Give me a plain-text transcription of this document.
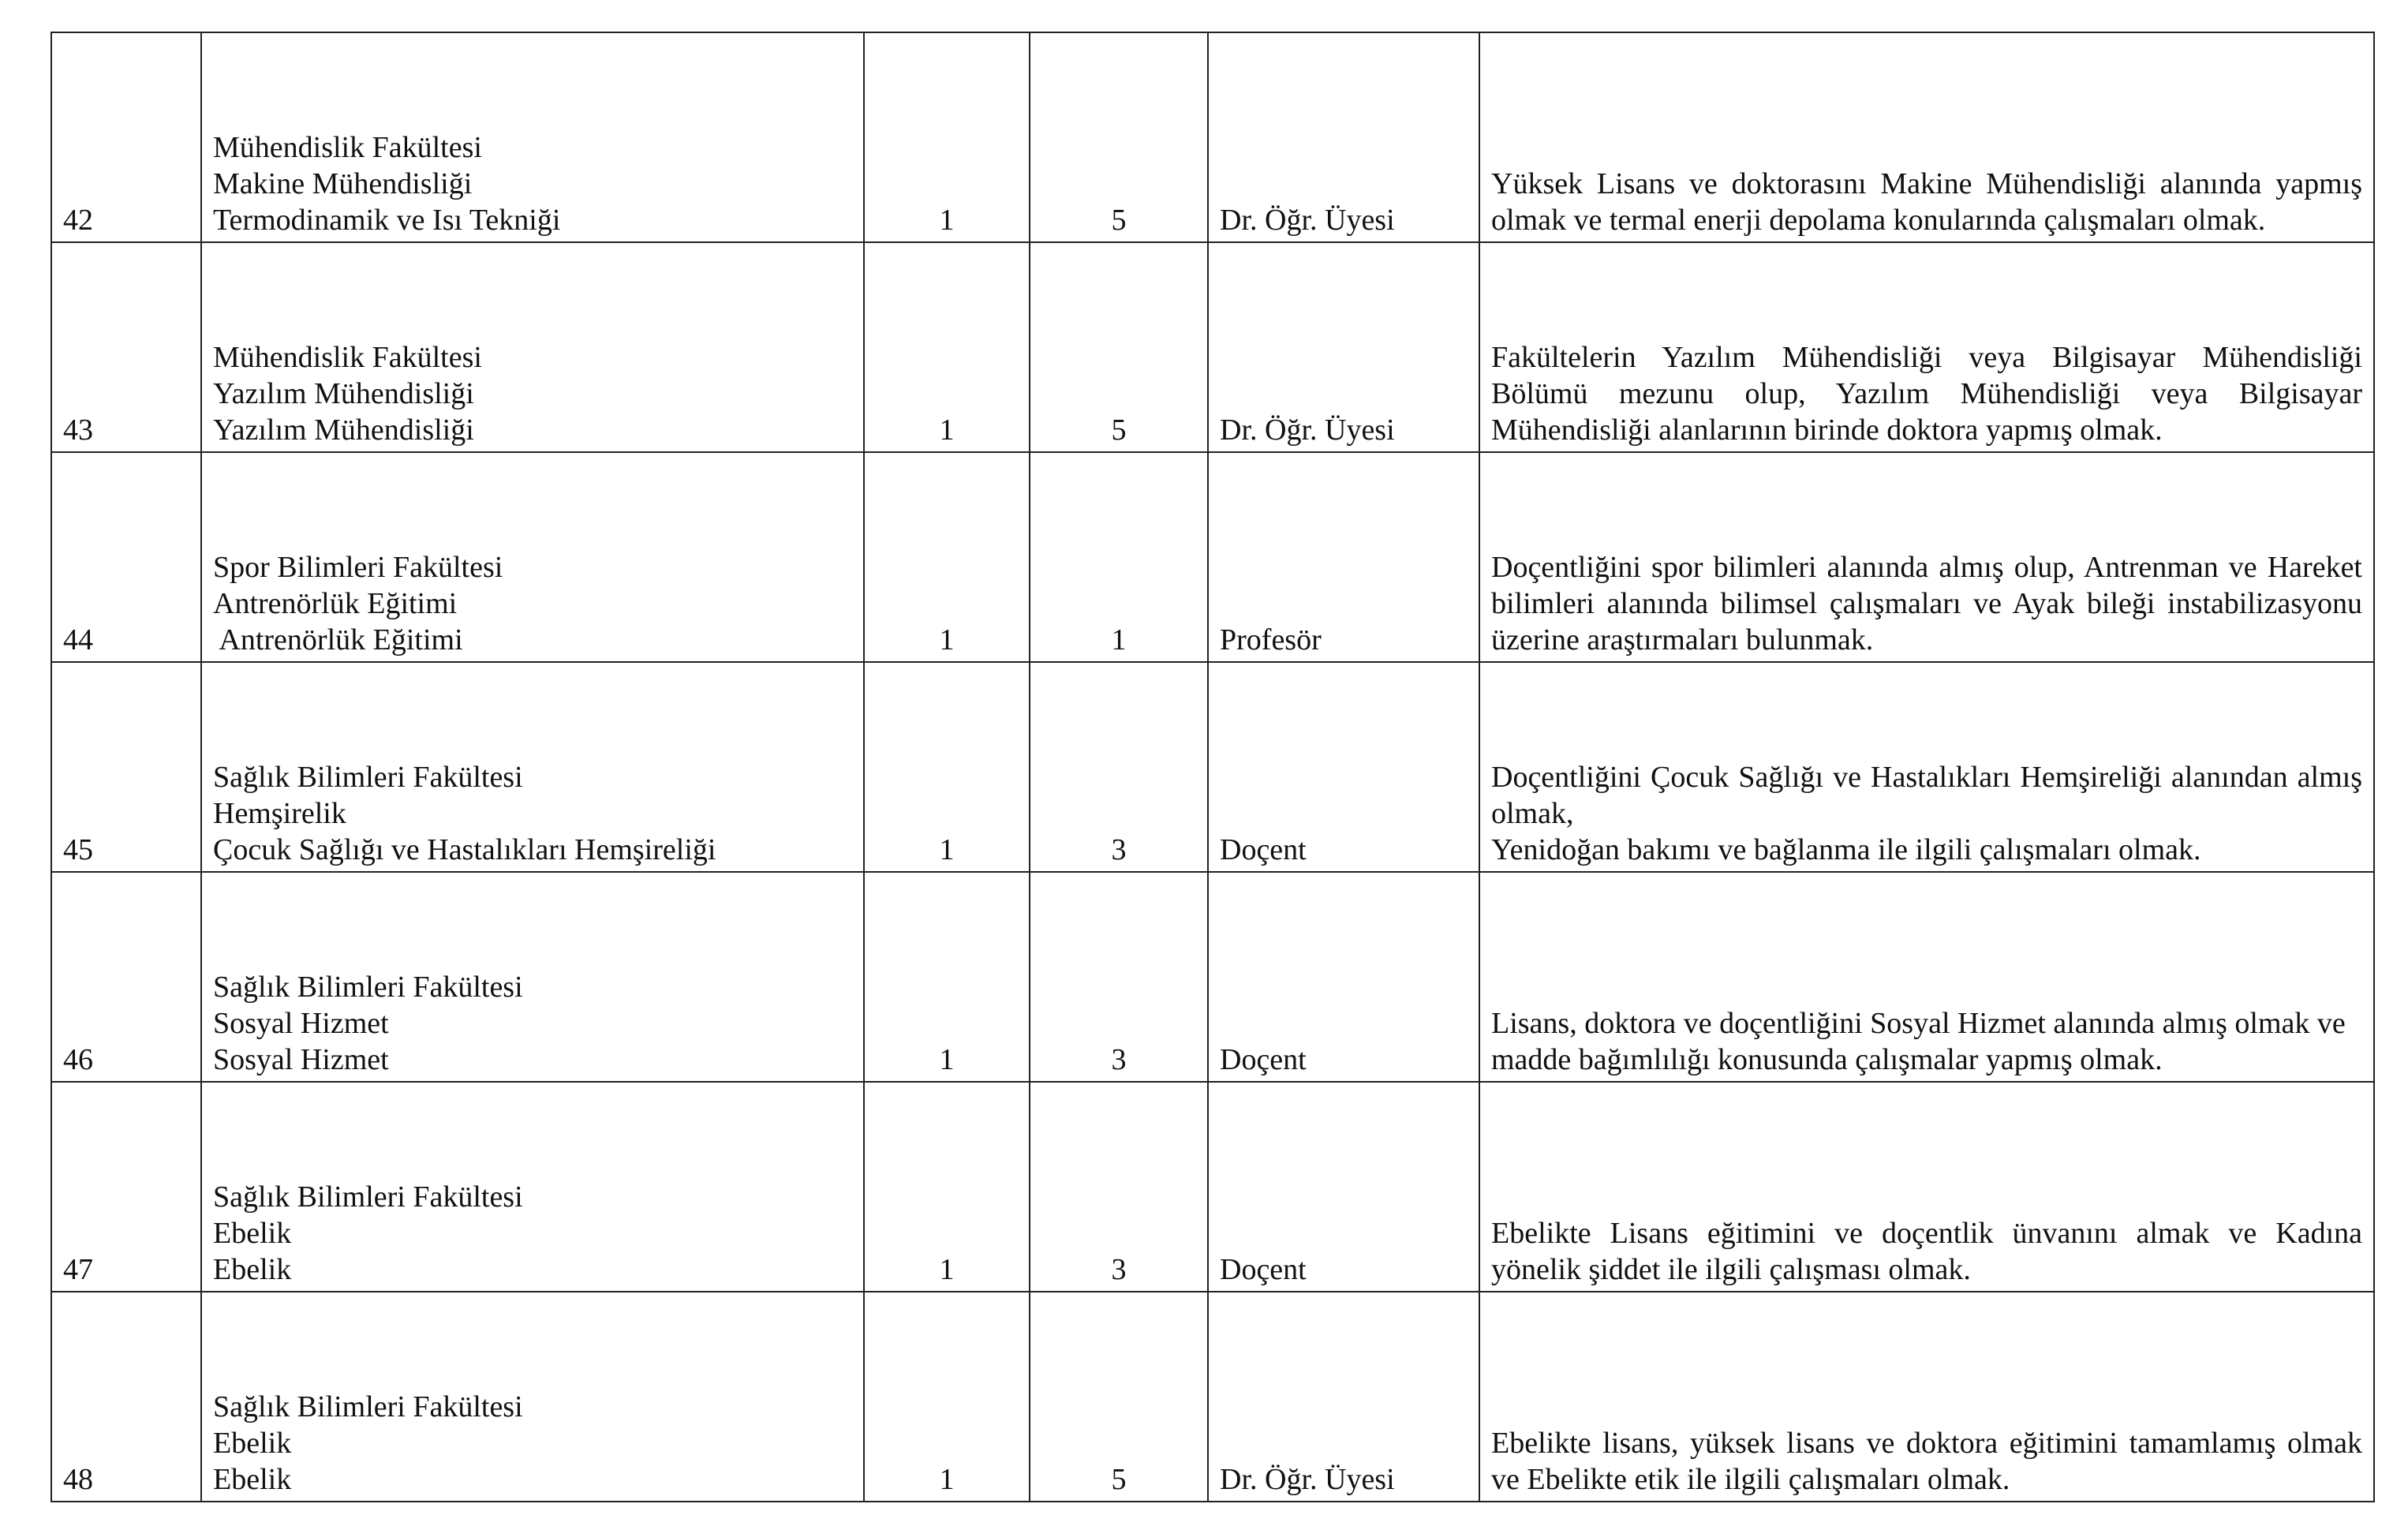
42	Mühendislik Fakültesi
Makine Mühendisliği
Termodinamik ve Isı Tekniği	1	5	Dr. Öğr. Üyesi	Yüksek Lisans ve doktorasını Makine Mühendisliği alanında yapmış olmak ve termal enerji depolama konularında çalışmaları olmak.

43	Mühendislik Fakültesi
Yazılım Mühendisliği
Yazılım Mühendisliği	1	5	Dr. Öğr. Üyesi	Fakültelerin Yazılım Mühendisliği veya Bilgisayar Mühendisliği Bölümü mezunu olup, Yazılım Mühendisliği veya Bilgisayar Mühendisliği alanlarının birinde doktora yapmış olmak.

44	Spor Bilimleri Fakültesi
Antrenörlük Eğitimi
Antrenörlük Eğitimi	1	1	Profesör	Doçentliğini spor bilimleri alanında almış olup, Antrenman ve Hareket bilimleri alanında bilimsel çalışmaları ve Ayak bileği instabilizasyonu üzerine araştırmaları bulunmak.

45	Sağlık Bilimleri Fakültesi
Hemşirelik
Çocuk Sağlığı ve Hastalıkları Hemşireliği	1	3	Doçent	Doçentliğini Çocuk Sağlığı ve Hastalıkları Hemşireliği alanından almış olmak,
Yenidoğan bakımı ve bağlanma ile ilgili çalışmaları olmak.

46	Sağlık Bilimleri Fakültesi
Sosyal Hizmet
Sosyal Hizmet	1	3	Doçent	Lisans, doktora ve doçentliğini Sosyal Hizmet alanında almış olmak ve
madde bağımlılığı konusunda çalışmalar yapmış olmak.

47	Sağlık Bilimleri Fakültesi
Ebelik
Ebelik	1	3	Doçent	Ebelikte Lisans eğitimini ve doçentlik ünvanını almak ve Kadına yönelik şiddet ile ilgili çalışması olmak.

48	Sağlık Bilimleri Fakültesi
Ebelik
Ebelik	1	5	Dr. Öğr. Üyesi	Ebelikte lisans, yüksek lisans ve doktora eğitimini tamamlamış olmak ve Ebelikte etik ile ilgili çalışmaları olmak.
